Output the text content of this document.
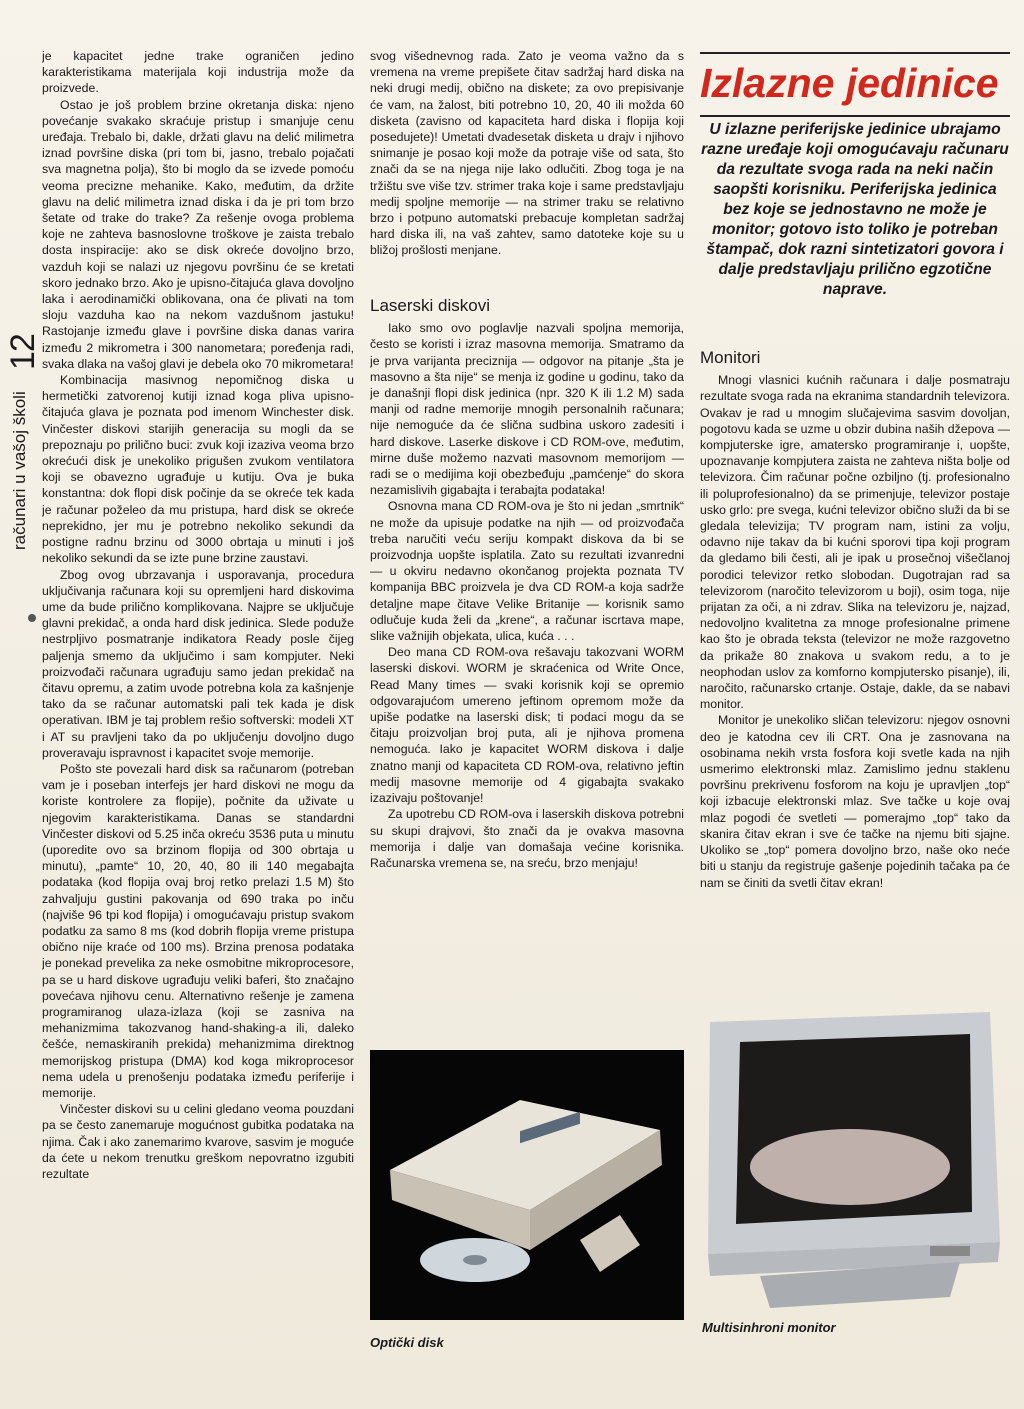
12
računari u vašoj školi

je kapacitet jedne trake ograničen jedino karakteristikama materijala koji industrija može da proizvede.

Ostao je još problem brzine okretanja diska: njeno povećanje svakako skraćuje pristup i smanjuje cenu uređaja. Trebalo bi, dakle, držati glavu na delić milimetra iznad površine diska (pri tom bi, jasno, trebalo pojačati sva magnetna polja), što bi moglo da se izvede pomoću veoma precizne mehanike. Kako, međutim, da držite glavu na delić milimetra iznad diska i da je pri tom brzo šetate od trake do trake? Za rešenje ovoga problema koje ne zahteva basnoslovne troškove je zaista trebalo dosta inspiracije: ako se disk okreće dovoljno brzo, vazduh koji se nalazi uz njegovu površinu će se kretati skoro jednako brzo. Ako je upisno-čitajuća glava dovoljno laka i aerodinamički oblikovana, ona će plivati na tom sloju vazduha kao na nekom vazdušnom jastuku! Rastojanje između glave i površine diska danas varira između 2 mikrometra i 300 nanometara; poređenja radi, svaka dlaka na vašoj glavi je debela oko 70 mikrometara!

Kombinacija masivnog nepomičnog diska u hermetički zatvorenoj kutiji iznad koga pliva upisno-čitajuća glava je poznata pod imenom Winchester disk. Vinčester diskovi starijih generacija su mogli da se prepoznaju po prilično buci: zvuk koji izaziva veoma brzo okrećući disk je unekoliko prigušen zvukom ventilatora koji se obavezno ugrađuje u kutiju. Ova je buka konstantna: dok flopi disk počinje da se okreće tek kada je računar poželeo da mu pristupa, hard disk se okreće neprekidno, jer mu je potrebno nekoliko sekundi da postigne radnu brzinu od 3000 obrtaja u minuti i još nekoliko sekundi da se izte pune brzine zaustavi.

Zbog ovog ubrzavanja i usporavanja, procedura uključivanja računara koji su opremljeni hard diskovima ume da bude prilično komplikovana. Najpre se uključuje glavni prekidač, a onda hard disk jedinica. Slede poduže nestrpljivo posmatranje indikatora Ready posle čijeg paljenja smemo da uključimo i sam kompjuter. Neki proizvođači računara ugrađuju samo jedan prekidač na čitavu opremu, a zatim uvode potrebna kola za kašnjenje tako da se računar automatski pali tek kada je disk operativan. IBM je taj problem rešio softverski: modeli XT i AT su pravljeni tako da po uključenju dovoljno dugo proveravaju ispravnost i kapacitet svoje memorije.

Pošto ste povezali hard disk sa računarom (potreban vam je i poseban interfejs jer hard diskovi ne mogu da koriste kontrolere za flopije), počnite da uživate u njegovim karakteristikama. Danas se standardni Vinčester diskovi od 5.25 inča okreću 3536 puta u minutu (uporedite ovo sa brzinom flopija od 300 obrtaja u minutu), „pamte“ 10, 20, 40, 80 ili 140 megabajta podataka (kod flopija ovaj broj retko prelazi 1.5 M) što zahvaljuju gustini pakovanja od 690 traka po inču (najviše 96 tpi kod flopija) i omogućavaju pristup svakom podatku za samo 8 ms (kod dobrih flopija vreme pristupa obično nije kraće od 100 ms). Brzina prenosa podataka je ponekad prevelika za neke osmobitne mikroprocesore, pa se u hard diskove ugrađuju veliki baferi, što značajno povećava njihovu cenu. Alternativno rešenje je zamena programiranog ulaza-izlaza (koji se zasniva na mehanizmima takozvanog hand-shaking-a ili, daleko češće, nemaskiranih prekida) mehanizmima direktnog memorijskog pristupa (DMA) kod koga mikroprocesor nema udela u prenošenju podataka između periferije i memorije.

Vinčester diskovi su u celini gledano veoma pouzdani pa se često zanemaruje mogućnost gubitka podataka na njima. Čak i ako zanemarimo kvarove, sasvim je moguće da ćete u nekom trenutku greškom nepovratno izgubiti rezultate

svog višednevnog rada. Zato je veoma važno da s vremena na vreme prepišete čitav sadržaj hard diska na neki drugi medij, obično na diskete; za ovo prepisivanje će vam, na žalost, biti potrebno 10, 20, 40 ili možda 60 disketa (zavisno od kapaciteta hard diska i flopija koji posedujete)! Umetati dvadesetak disketa u drajv i njihovo snimanje je posao koji može da potraje više od sata, što znači da se na njega nije lako odlučiti. Zbog toga je na tržištu sve više tzv. strimer traka koje i same predstavljaju medij spoljne memorije — na strimer traku se relativno brzo i potpuno automatski prebacuje kompletan sadržaj hard diska ili, na vaš zahtev, samo datoteke koje su u bližoj prošlosti menjane.

Laserski diskovi

Iako smo ovo poglavlje nazvali spoljna memorija, često se koristi i izraz masovna memorija. Smatramo da je prva varijanta preciznija — odgovor na pitanje „šta je masovno a šta nije“ se menja iz godine u godinu, tako da je današnji flopi disk jedinica (npr. 320 K ili 1.2 M) sada manji od radne memorije mnogih personalnih računara; nije nemoguće da će slična sudbina uskoro zadesiti i hard diskove. Laserke diskove i CD ROM-ove, međutim, mirne duše možemo nazvati masovnom memorijom — radi se o medijima koji obezbeđuju „pamćenje“ do skora nezamislivih gigabajta i terabajta podataka!

Osnovna mana CD ROM-ova je što ni jedan „smrtnik“ ne može da upisuje podatke na njih — od proizvođača treba naručiti veću seriju kompakt diskova da bi se proizvodnja uopšte isplatila. Zato su rezultati izvanredni — u okviru nedavno okončanog projekta poznata TV kompanija BBC proizvela je dva CD ROM-a koja sadrže detaljne mape čitave Velike Britanije — korisnik samo odlučuje kuda želi da „krene“, a računar iscrtava mape, slike važnijih objekata, ulica, kuća . . .

Deo mana CD ROM-ova rešavaju takozvani WORM laserski diskovi. WORM je skraćenica od Write Once, Read Many times — svaki korisnik koji se opremio odgovarajućom umereno jeftinom opremom može da upiše podatke na laserski disk; ti podaci mogu da se čitaju proizvoljan broj puta, ali je njihova promena nemoguća. Iako je kapacitet WORM diskova i dalje znatno manji od kapaciteta CD ROM-ova, relativno jeftin medij masovne memorije od 4 gigabajta svakako izazivaju poštovanje!

Za upotrebu CD ROM-ova i laserskih diskova potrebni su skupi drajvovi, što znači da je ovakva masovna memorija i dalje van domašaja većine korisnika. Računarska vremena se, na sreću, brzo menjaju!

Izlazne jedinice
U izlazne periferijske jedinice ubrajamo razne uređaje koji omogućavaju računaru da rezultate svoga rada na neki način saopšti korisniku. Periferijska jedinica bez koje se jednostavno ne može je monitor; gotovo isto toliko je potreban štampač, dok razni sintetizatori govora i dalje predstavljaju prilično egzotične naprave.
Monitori

Mnogi vlasnici kućnih računara i dalje posmatraju rezultate svoga rada na ekranima standardnih televizora. Ovakav je rad u mnogim slučajevima sasvim dovoljan, pogotovu kada se uzme u obzir dubina naših džepova — kompjuterske igre, amatersko programiranje i, uopšte, upoznavanje kompjutera zaista ne zahteva ništa bolje od televizora. Čim računar počne ozbiljno (tj. profesionalno ili poluprofesionalno) da se primenjuje, televizor postaje usko grlo: pre svega, kućni televizor obično služi da bi se gledala televizija; TV program nam, istini za volju, odavno nije takav da bi kućni sporovi tipa koji program da gledamo bili česti, ali je ipak u prosečnoj višečlanoj porodici televizor retko slobodan. Dugotrajan rad sa televizorom (naročito televizorom u boji), osim toga, nije prijatan za oči, a ni zdrav. Slika na televizoru je, najzad, nedovoljno kvalitetna za mnoge profesionalne primene kao što je obrada teksta (televizor ne može razgovetno da prikaže 80 znakova u svakom redu, a to je neophodan uslov za komforno kompjutersko pisanje), ili, naročito, računarsko crtanje. Ostaje, dakle, da se nabavi monitor.

Monitor je unekoliko sličan televizoru: njegov osnovni deo je katodna cev ili CRT. Ona je zasnovana na osobinama nekih vrsta fosfora koji svetle kada na njih usmerimo elektronski mlaz. Zamislimo jednu staklenu površinu prekrivenu fosforom na koju je upravljen „top“ koji izbacuje elektronski mlaz. Sve tačke u koje ovaj mlaz pogodi će svetleti — pomerajmo „top“ tako da skanira čitav ekran i sve će tačke na njemu biti sjajne. Ukoliko se „top“ pomera dovoljno brzo, naše oko neće biti u stanju da registruje gašenje pojedinih tačaka pa će nam se činiti da svetli čitav ekran!

Optički disk
Multisinhroni monitor
